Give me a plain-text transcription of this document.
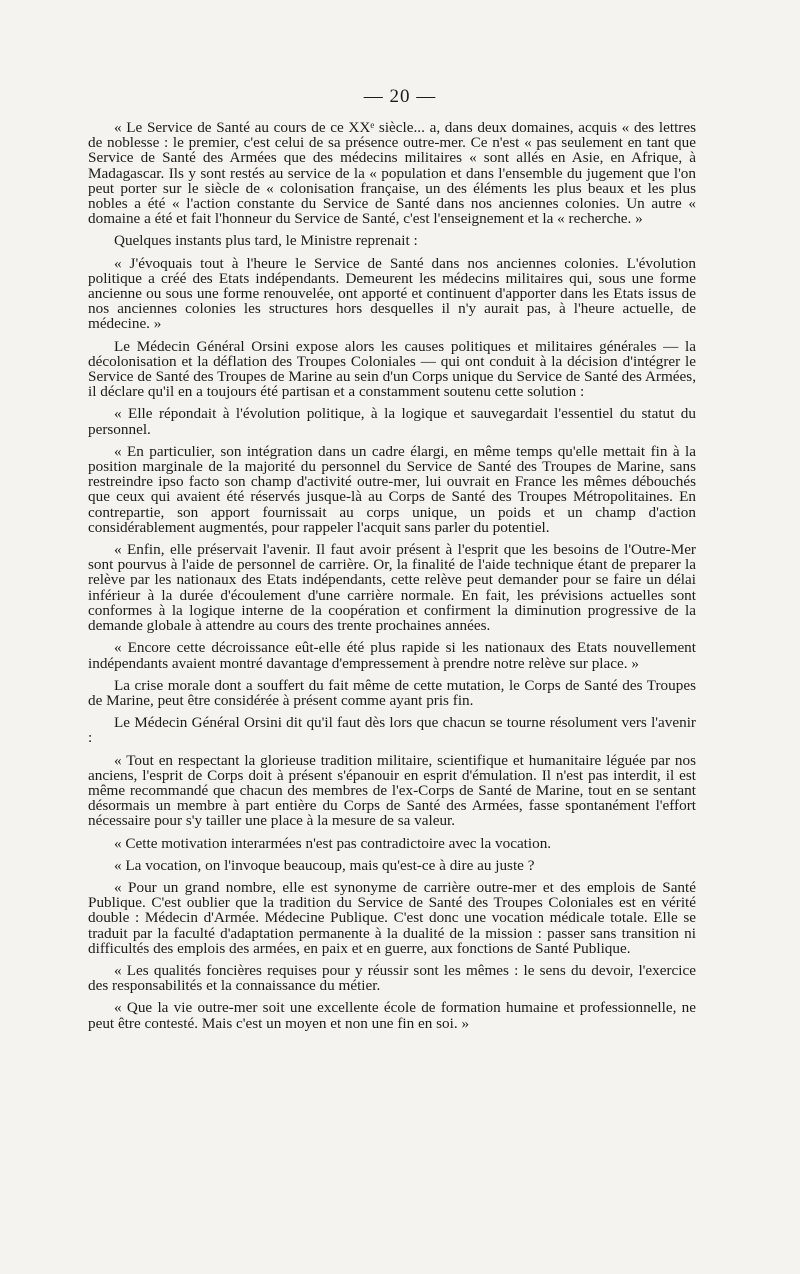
— 20 —

« Le Service de Santé au cours de ce XXᵉ siècle... a, dans deux domaines, acquis « des lettres de noblesse : le premier, c'est celui de sa présence outre-mer. Ce n'est « pas seulement en tant que Service de Santé des Armées que des médecins militaires « sont allés en Asie, en Afrique, à Madagascar. Ils y sont restés au service de la « population et dans l'ensemble du jugement que l'on peut porter sur le siècle de « colonisation française, un des éléments les plus beaux et les plus nobles a été « l'action constante du Service de Santé dans nos anciennes colonies. Un autre « domaine a été et fait l'honneur du Service de Santé, c'est l'enseignement et la « recherche. »

Quelques instants plus tard, le Ministre reprenait :

« J'évoquais tout à l'heure le Service de Santé dans nos anciennes colonies. L'évolution politique a créé des Etats indépendants. Demeurent les médecins militaires qui, sous une forme ancienne ou sous une forme renouvelée, ont apporté et continuent d'apporter dans les Etats issus de nos anciennes colonies les structures hors desquelles il n'y aurait pas, à l'heure actuelle, de médecine. »

Le Médecin Général Orsini expose alors les causes politiques et militaires générales — la décolonisation et la déflation des Troupes Coloniales — qui ont conduit à la décision d'intégrer le Service de Santé des Troupes de Marine au sein d'un Corps unique du Service de Santé des Armées, il déclare qu'il en a toujours été partisan et a constamment soutenu cette solution :

« Elle répondait à l'évolution politique, à la logique et sauvegardait l'essentiel du statut du personnel.

« En particulier, son intégration dans un cadre élargi, en même temps qu'elle mettait fin à la position marginale de la majorité du personnel du Service de Santé des Troupes de Marine, sans restreindre ipso facto son champ d'activité outre-mer, lui ouvrait en France les mêmes débouchés que ceux qui avaient été réservés jusque-là au Corps de Santé des Troupes Métropolitaines. En contrepartie, son apport fournissait au corps unique, un poids et un champ d'action considérablement augmentés, pour rappeler l'acquit sans parler du potentiel.

« Enfin, elle préservait l'avenir. Il faut avoir présent à l'esprit que les besoins de l'Outre-Mer sont pourvus à l'aide de personnel de carrière. Or, la finalité de l'aide technique étant de preparer la relève par les nationaux des Etats indépendants, cette relève peut demander pour se faire un délai inférieur à la durée d'écoulement d'une carrière normale. En fait, les prévisions actuelles sont conformes à la logique interne de la coopération et confirment la diminution progressive de la demande globale à attendre au cours des trente prochaines années.

« Encore cette décroissance eût-elle été plus rapide si les nationaux des Etats nouvellement indépendants avaient montré davantage d'empressement à prendre notre relève sur place. »

La crise morale dont a souffert du fait même de cette mutation, le Corps de Santé des Troupes de Marine, peut être considérée à présent comme ayant pris fin.

Le Médecin Général Orsini dit qu'il faut dès lors que chacun se tourne résolument vers l'avenir :

« Tout en respectant la glorieuse tradition militaire, scientifique et humanitaire léguée par nos anciens, l'esprit de Corps doit à présent s'épanouir en esprit d'émulation. Il n'est pas interdit, il est même recommandé que chacun des membres de l'ex-Corps de Santé de Marine, tout en se sentant désormais un membre à part entière du Corps de Santé des Armées, fasse spontanément l'effort nécessaire pour s'y tailler une place à la mesure de sa valeur.

« Cette motivation interarmées n'est pas contradictoire avec la vocation.

« La vocation, on l'invoque beaucoup, mais qu'est-ce à dire au juste ?

« Pour un grand nombre, elle est synonyme de carrière outre-mer et des emplois de Santé Publique. C'est oublier que la tradition du Service de Santé des Troupes Coloniales est en vérité double : Médecin d'Armée. Médecine Publique. C'est donc une vocation médicale totale. Elle se traduit par la faculté d'adaptation permanente à la dualité de la mission : passer sans transition ni difficultés des emplois des armées, en paix et en guerre, aux fonctions de Santé Publique.

« Les qualités foncières requises pour y réussir sont les mêmes : le sens du devoir, l'exercice des responsabilités et la connaissance du métier.

« Que la vie outre-mer soit une excellente école de formation humaine et professionnelle, ne peut être contesté. Mais c'est un moyen et non une fin en soi. »
